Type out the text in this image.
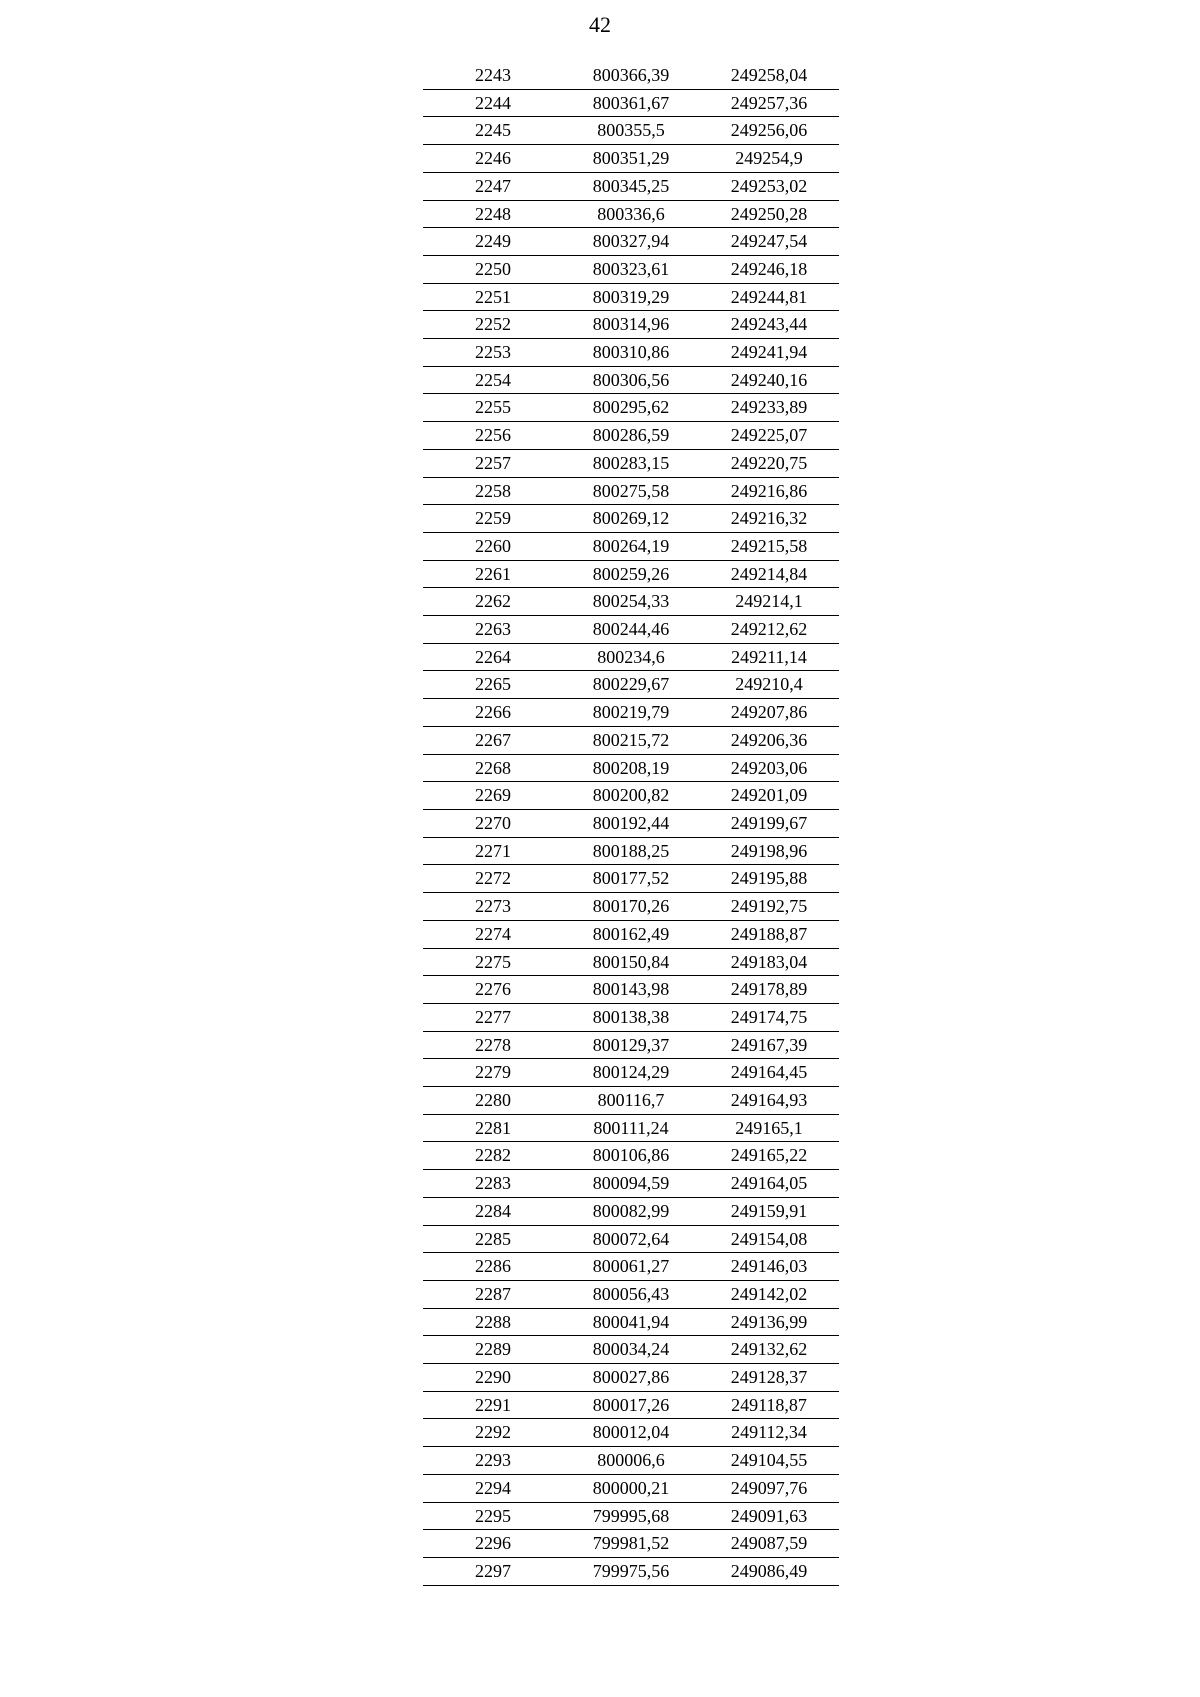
42
2243	800366,39	249258,04
2244	800361,67	249257,36
2245	800355,5	249256,06
2246	800351,29	249254,9
2247	800345,25	249253,02
2248	800336,6	249250,28
2249	800327,94	249247,54
2250	800323,61	249246,18
2251	800319,29	249244,81
2252	800314,96	249243,44
2253	800310,86	249241,94
2254	800306,56	249240,16
2255	800295,62	249233,89
2256	800286,59	249225,07
2257	800283,15	249220,75
2258	800275,58	249216,86
2259	800269,12	249216,32
2260	800264,19	249215,58
2261	800259,26	249214,84
2262	800254,33	249214,1
2263	800244,46	249212,62
2264	800234,6	249211,14
2265	800229,67	249210,4
2266	800219,79	249207,86
2267	800215,72	249206,36
2268	800208,19	249203,06
2269	800200,82	249201,09
2270	800192,44	249199,67
2271	800188,25	249198,96
2272	800177,52	249195,88
2273	800170,26	249192,75
2274	800162,49	249188,87
2275	800150,84	249183,04
2276	800143,98	249178,89
2277	800138,38	249174,75
2278	800129,37	249167,39
2279	800124,29	249164,45
2280	800116,7	249164,93
2281	800111,24	249165,1
2282	800106,86	249165,22
2283	800094,59	249164,05
2284	800082,99	249159,91
2285	800072,64	249154,08
2286	800061,27	249146,03
2287	800056,43	249142,02
2288	800041,94	249136,99
2289	800034,24	249132,62
2290	800027,86	249128,37
2291	800017,26	249118,87
2292	800012,04	249112,34
2293	800006,6	249104,55
2294	800000,21	249097,76
2295	799995,68	249091,63
2296	799981,52	249087,59
2297	799975,56	249086,49
